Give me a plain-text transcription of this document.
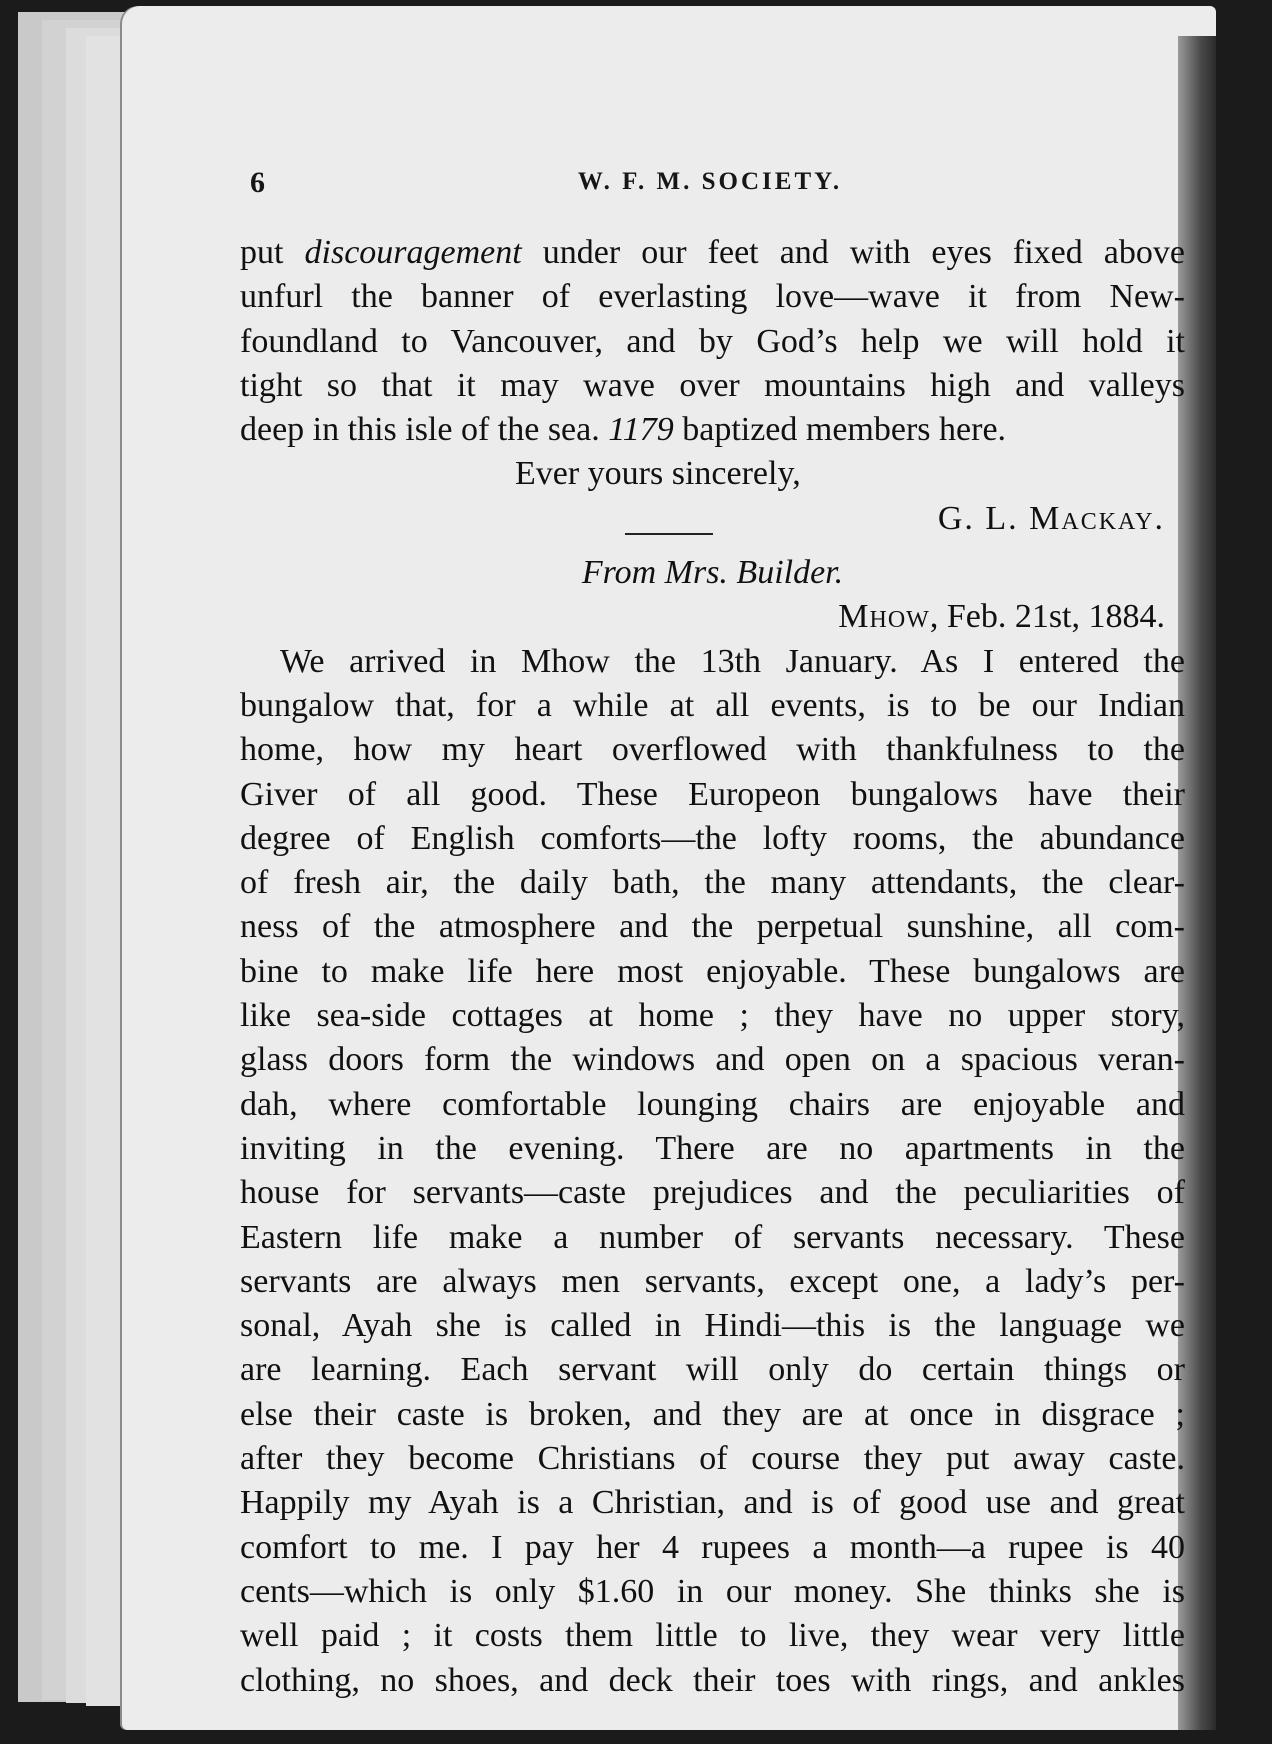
6	W. F. M. SOCIETY.
put discouragement under our feet and with eyes fixed above
unfurl the banner of everlasting love—wave it from New-
foundland to Vancouver, and by God’s help we will hold it
tight so that it may wave over mountains high and valleys
deep in this isle of the sea. 1179 baptized members here.
Ever yours sincerely,
G. L. Mackay.
From Mrs. Builder.
Mhow, Feb. 21st, 1884.
We arrived in Mhow the 13th January. As I entered the
bungalow that, for a while at all events, is to be our Indian
home, how my heart overflowed with thankfulness to the
Giver of all good. These Europeon bungalows have their
degree of English comforts—the lofty rooms, the abundance
of fresh air, the daily bath, the many attendants, the clear-
ness of the atmosphere and the perpetual sunshine, all com-
bine to make life here most enjoyable. These bungalows are
like sea-side cottages at home ; they have no upper story,
glass doors form the windows and open on a spacious veran-
dah, where comfortable lounging chairs are enjoyable and
inviting in the evening. There are no apartments in the
house for servants—caste prejudices and the peculiarities of
Eastern life make a number of servants necessary. These
servants are always men servants, except one, a lady’s per-
sonal, Ayah she is called in Hindi—this is the language we
are learning. Each servant will only do certain things or
else their caste is broken, and they are at once in disgrace ;
after they become Christians of course they put away caste.
Happily my Ayah is a Christian, and is of good use and great
comfort to me. I pay her 4 rupees a month—a rupee is 40
cents—which is only $1.60 in our money. She thinks she is
well paid ; it costs them little to live, they wear very little
clothing, no shoes, and deck their toes with rings, and ankles
